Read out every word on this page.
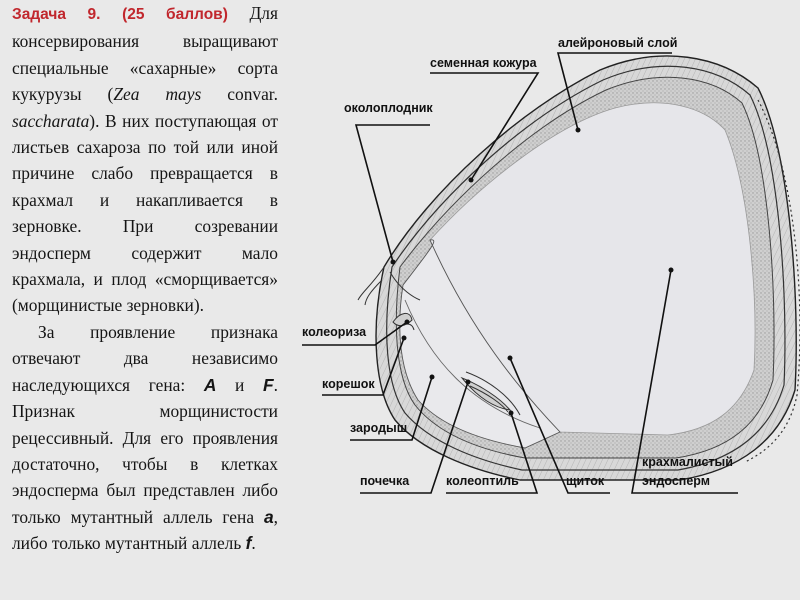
Задача 9. (25 баллов) Для консервирования выращивают специальные «сахарные» сорта кукурузы (Zea mays convar. saccharata). В них поступающая от листьев сахароза по той или иной причине слабо превращается в крахмал и накапливается в зерновке. При созревании эндосперм содержит мало крахмала, и плод «сморщивается» (морщинистые зерновки).

За проявление признака отвечают два независимо наследующихся гена: A и F. Признак морщинистости рецессивный. Для его проявления достаточно, чтобы в клетках эндосперма был представлен либо только мутантный аллель гена a, либо только мутантный аллель f.

алейроновый слой
семенная кожура
околоплодник
колеориза
корешок
зародыш
почечка	колеоптиль	щиток
крахмалистый
эндосперм
